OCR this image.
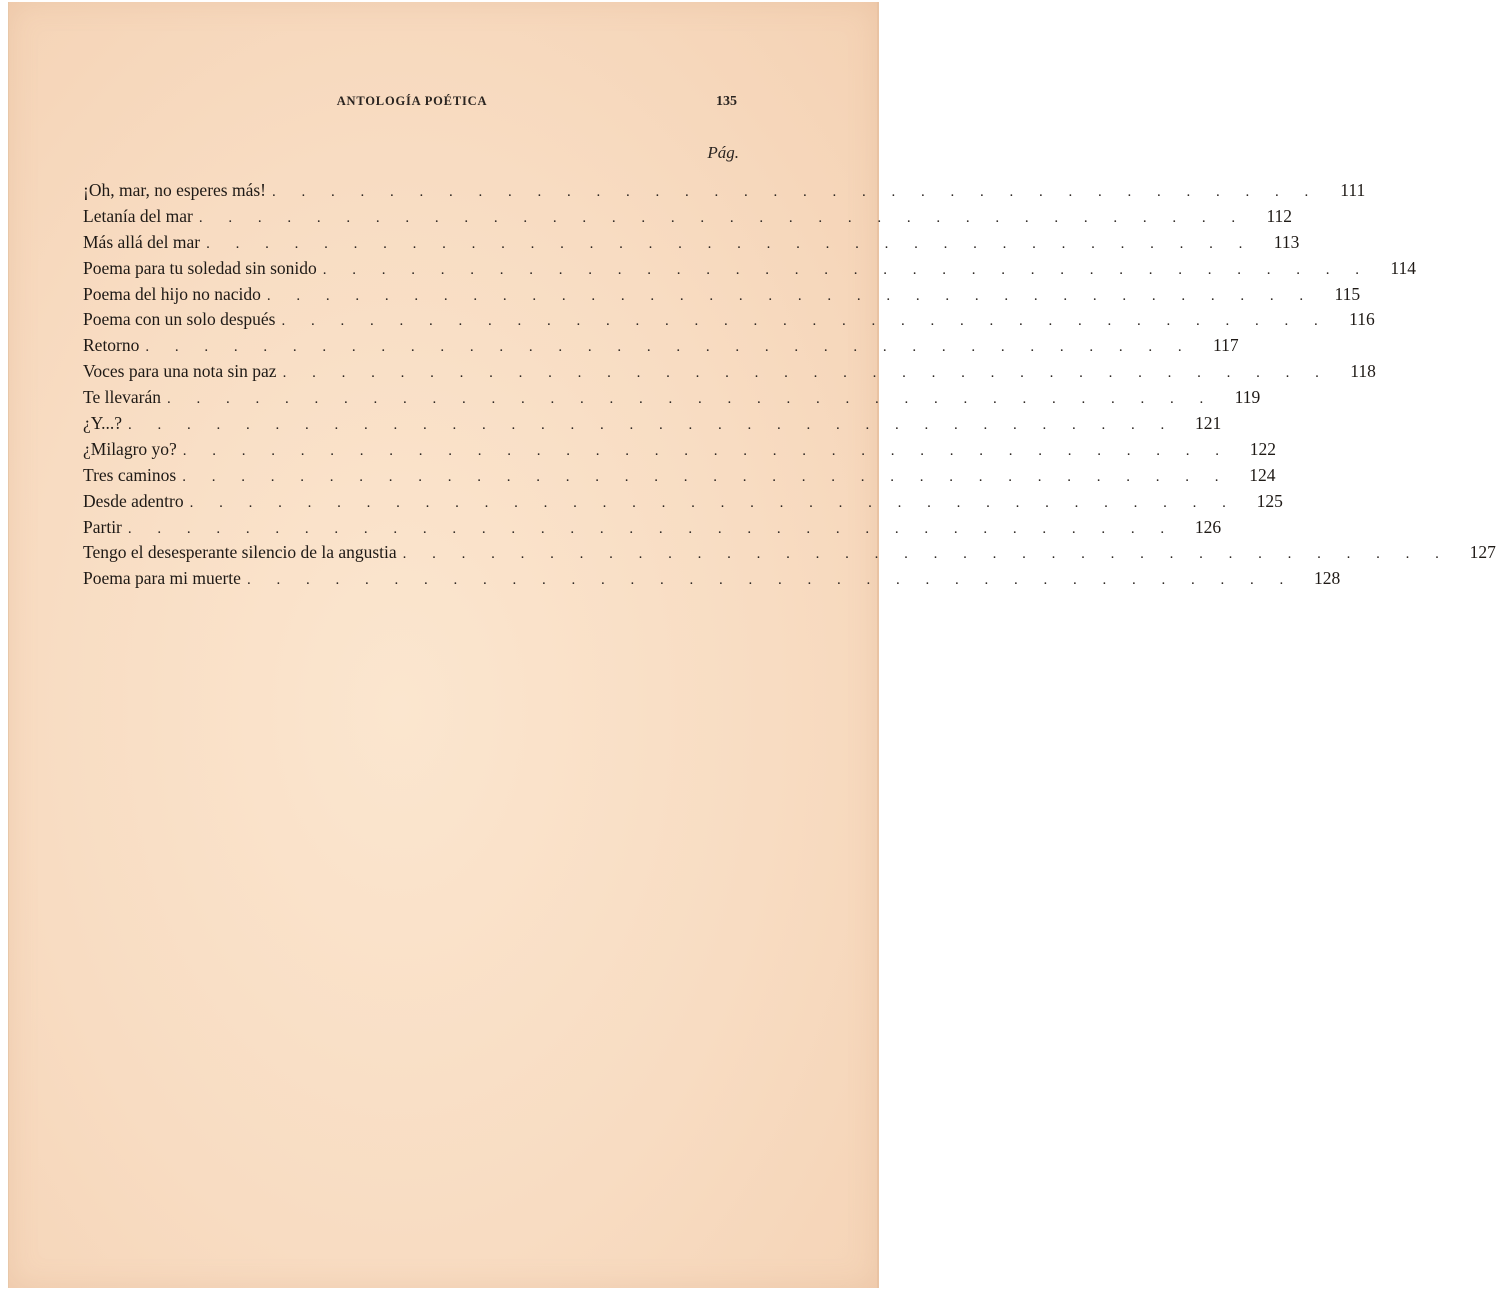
ANTOLOGÍA POÉTICA	135
Pág.
¡Oh, mar, no esperes más! . . . . . . . . . . . . . . . . . . . . . . . . . . . . . . . . . . . .	111
Letanía del mar . . . . . . . . . . . . . . . . . . . . . . . . . . . . . . . . . . . .	112
Más allá del mar . . . . . . . . . . . . . . . . . . . . . . . . . . . . . . . . . . . .	113
Poema para tu soledad sin sonido . . . . . . . . . . . . . . . . . . . . . . . . . . . . . . . . . . . .	114
Poema del hijo no nacido . . . . . . . . . . . . . . . . . . . . . . . . . . . . . . . . . . . .	115
Poema con un solo después . . . . . . . . . . . . . . . . . . . . . . . . . . . . . . . . . . . .	116
Retorno . . . . . . . . . . . . . . . . . . . . . . . . . . . . . . . . . . . .	117
Voces para una nota sin paz . . . . . . . . . . . . . . . . . . . . . . . . . . . . . . . . . . . .	118
Te llevarán . . . . . . . . . . . . . . . . . . . . . . . . . . . . . . . . . . . .	119
¿Y...? . . . . . . . . . . . . . . . . . . . . . . . . . . . . . . . . . . . .	121
¿Milagro yo? . . . . . . . . . . . . . . . . . . . . . . . . . . . . . . . . . . . .	122
Tres caminos . . . . . . . . . . . . . . . . . . . . . . . . . . . . . . . . . . . .	124
Desde adentro . . . . . . . . . . . . . . . . . . . . . . . . . . . . . . . . . . . .	125
Partir . . . . . . . . . . . . . . . . . . . . . . . . . . . . . . . . . . . .	126
Tengo el desesperante silencio de la angustia . . . . . . . . . . . . . . . . . . . . . . . . . . . . . . . . . . . .	127
Poema para mi muerte . . . . . . . . . . . . . . . . . . . . . . . . . . . . . . . . . . . .	128
